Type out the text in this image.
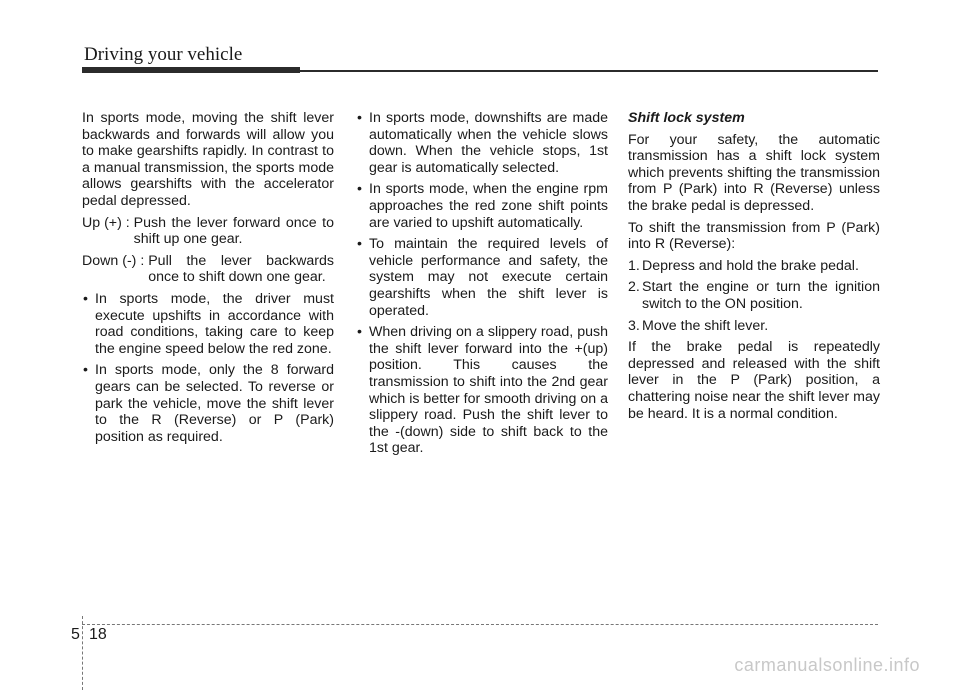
Driving your vehicle

In sports mode, moving the shift lever backwards and forwards will allow you to make gearshifts rapidly. In contrast to a manual transmission, the sports mode allows gearshifts with the accelerator pedal depressed.

Up (+) : Push the lever forward once to shift up one gear.
Down (-) : Pull the lever backwards once to shift down one gear.

• In sports mode, the driver must execute upshifts in accordance with road conditions, taking care to keep the engine speed below the red zone.

• In sports mode, only the 8 forward gears can be selected. To reverse or park the vehicle, move the shift lever to the R (Reverse) or P (Park) position as required.

• In sports mode, downshifts are made automatically when the vehicle slows down. When the vehicle stops, 1st gear is automatically selected.

• In sports mode, when the engine rpm approaches the red zone shift points are varied to upshift automatically.

• To maintain the required levels of vehicle performance and safety, the system may not execute certain gearshifts when the shift lever is operated.

• When driving on a slippery road, push the shift lever forward into the +(up) position. This causes the transmission to shift into the 2nd gear which is better for smooth driving on a slippery road. Push the shift lever to the -(down) side to shift back to the 1st gear.

Shift lock system

For your safety, the automatic transmission has a shift lock system which prevents shifting the transmission from P (Park) into R (Reverse) unless the brake pedal is depressed.

To shift the transmission from P (Park) into R (Reverse):

1. Depress and hold the brake pedal.
2. Start the engine or turn the ignition switch to the ON position.
3. Move the shift lever.

If the brake pedal is repeatedly depressed and released with the shift lever in the P (Park) position, a chattering noise near the shift lever may be heard. It is a normal condition.

5 18
carmanualsonline.info
